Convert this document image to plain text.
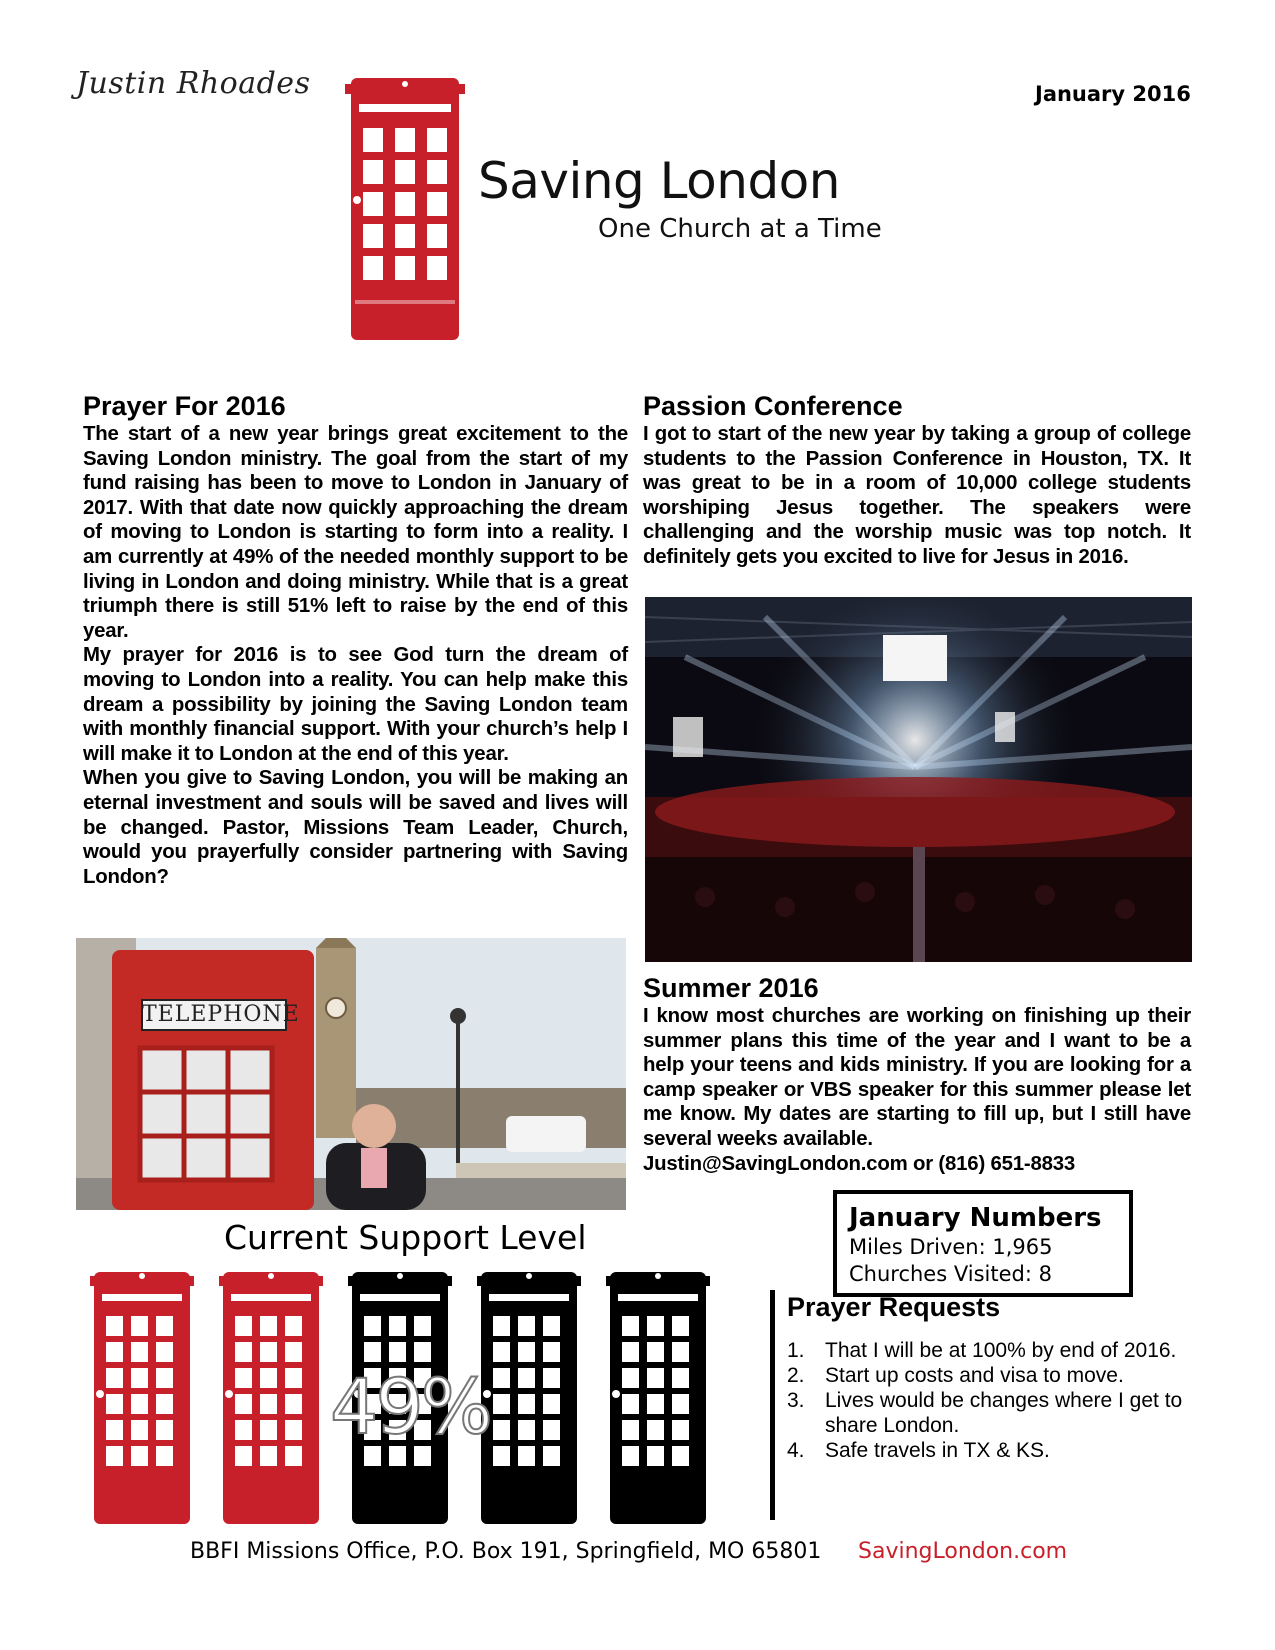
Justin Rhoades	January 2016
Saving London
One Church at a Time
Prayer For 2016

The start of a new year brings great excitement to the Saving London ministry. The goal from the start of my fund raising has been to move to London in January of 2017. With that date now quickly approaching the dream of moving to London is starting to form into a reality. I am currently at 49% of the needed monthly support to be living in London and doing ministry. While that is a great triumph there is still 51% left to raise by the end of this year.

My prayer for 2016 is to see God turn the dream of moving to London into a reality. You can help make this dream a possibility by joining the Saving London team with monthly financial support. With your church’s help I will make it to London at the end of this year.

When you give to Saving London, you will be making an eternal investment and souls will be saved and lives will be changed. Pastor, Missions Team Leader, Church, would you prayerfully consider partnering with Saving London?

Passion Conference

I got to start of the new year by taking a group of college students to the Passion Conference in Houston, TX. It was great to be in a room of 10,000 college students worshiping Jesus together. The speakers were challenging and the worship music was top notch. It definitely gets you excited to live for Jesus in 2016.

TELEPHONE
Summer 2016

I know most churches are working on finishing up their summer plans this time of the year and I want to be a help your teens and kids ministry. If you are looking for a camp speaker or VBS speaker for this summer please let me know. My dates are starting to fill up, but I still have several weeks available.

Justin@SavingLondon.com or (816) 651-8833

January Numbers
Miles Driven: 1,965
Churches Visited: 8
Current Support Level
49%
Prayer Requests
1. That I will be at 100% by end of 2016.
2. Start up costs and visa to move.
3. Lives would be changes where I get to share London.
4. Safe travels in TX & KS.
BBFI Missions Office, P.O. Box 191, Springfield, MO 65801 SavingLondon.com
